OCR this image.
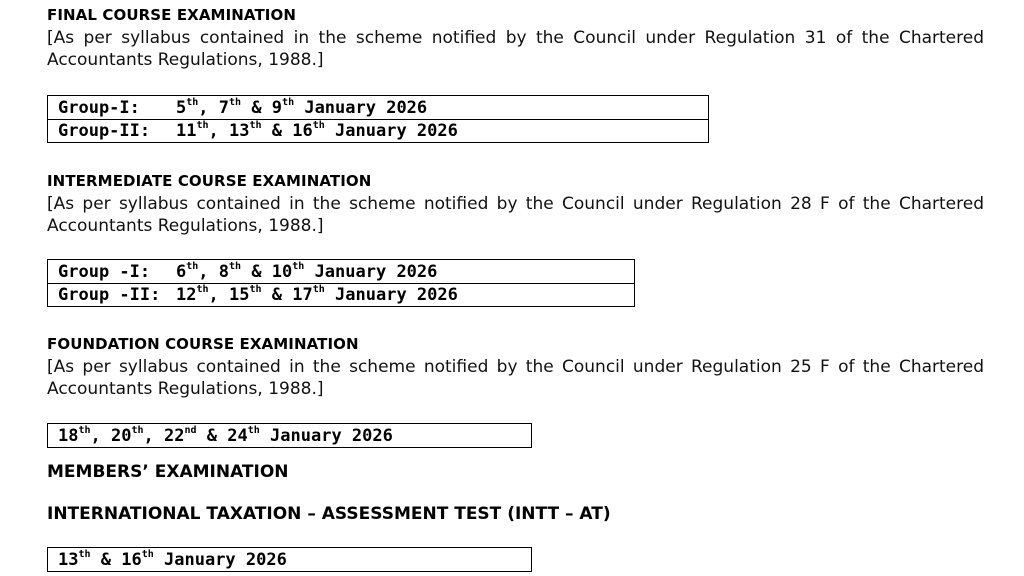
FINAL COURSE EXAMINATION
[As per syllabus contained in the scheme notified by the Council under Regulation 31 of the Chartered Accountants Regulations, 1988.]
Group-I:	5th, 7th & 9th January 2026
Group-II:	11th, 13th & 16th January 2026
INTERMEDIATE COURSE EXAMINATION
[As per syllabus contained in the scheme notified by the Council under Regulation 28 F of the Chartered Accountants Regulations, 1988.]
Group -I:	6th, 8th & 10th January 2026
Group -II: 12th, 15th & 17th January 2026
FOUNDATION COURSE EXAMINATION
[As per syllabus contained in the scheme notified by the Council under Regulation 25 F of the Chartered Accountants Regulations, 1988.]
18th, 20th, 22nd & 24th January 2026
MEMBERS’ EXAMINATION
INTERNATIONAL TAXATION – ASSESSMENT TEST (INTT – AT)
13th & 16th January 2026
